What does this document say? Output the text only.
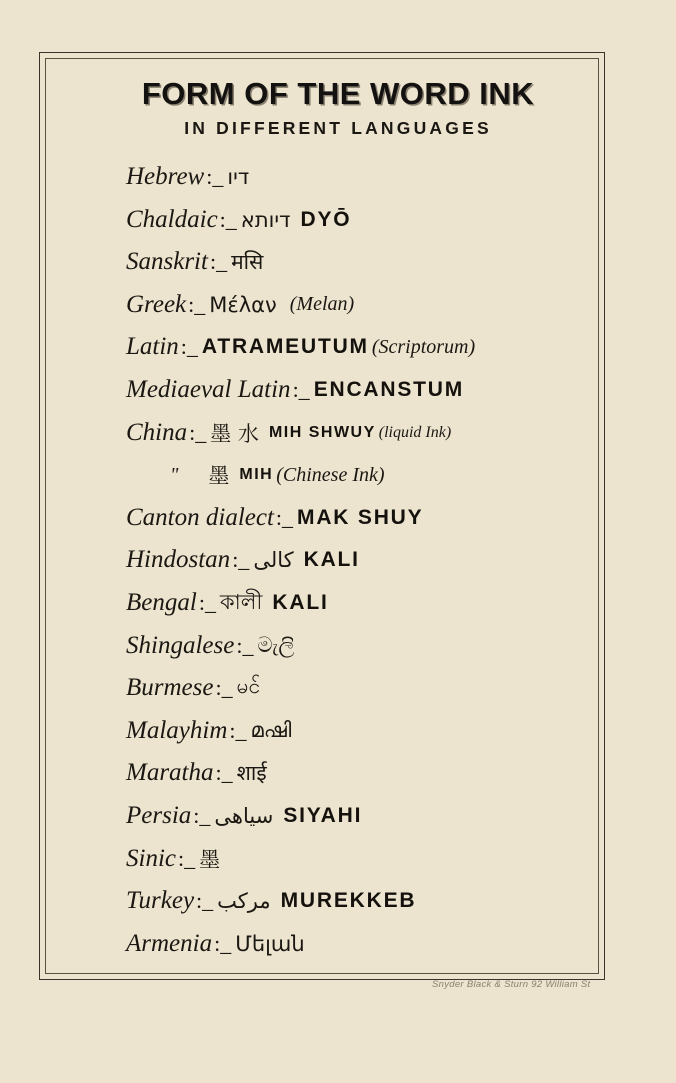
FORM OF THE WORD INK
IN DIFFERENT LANGUAGES
Hebrew :_ דיו
Chaldaic :_ דיותא DYŌ
Sanskrit :_ मसि
Greek :_ Μέλαν (Melan)
Latin :_ ATRAMEUTUM (Scriptorum)
Mediaeval Latin :_ ENCANSTUM
China :_ 墨 水 MIH SHWUY (liquid Ink)
" 墨 MIH (Chinese Ink)
Canton dialect :_ MAK SHUY
Hindostan :_ کالی KALI
Bengal :_ কালী KALI
Shingalese :_ මැලි
Burmese :_ မင်
Malayhim :_ മഷി
Maratha :_ शाई
Persia :_ سیاهی SIYAHI
Sinic :_ 墨
Turkey :_ مرکب MUREKKEB
Armenia :_ Մելան
Snyder Black & Sturn 92 William St
